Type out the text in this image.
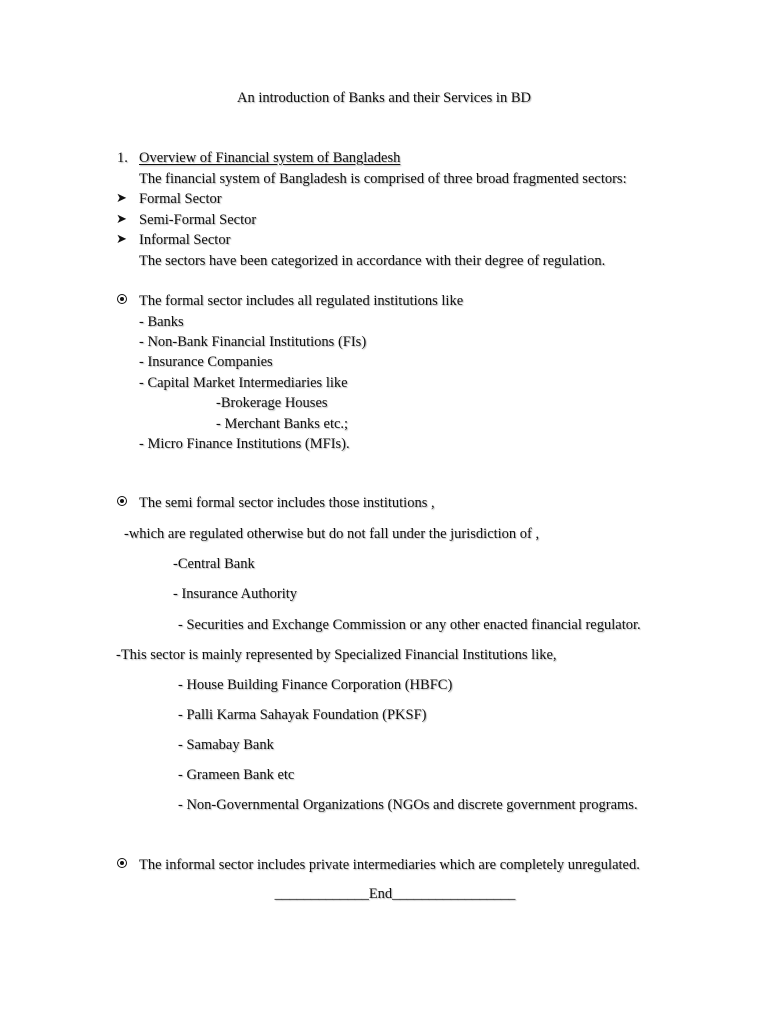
An introduction of Banks and their Services in BD
1. Overview of Financial system of Bangladesh
The financial system of Bangladesh is comprised of three broad fragmented sectors:
➤ Formal Sector
➤ Semi-Formal Sector
➤ Informal Sector
The sectors have been categorized in accordance with their degree of regulation.
The formal sector includes all regulated institutions like
- Banks
- Non-Bank Financial Institutions (FIs)
- Insurance Companies
- Capital Market Intermediaries like
-Brokerage Houses
- Merchant Banks etc.;
- Micro Finance Institutions (MFIs).
The semi formal sector includes those institutions ,
-which are regulated otherwise but do not fall under the jurisdiction of ,
-Central Bank
- Insurance Authority
- Securities and Exchange Commission or any other enacted financial regulator.
-This sector is mainly represented by Specialized Financial Institutions like,
- House Building Finance Corporation (HBFC)
- Palli Karma Sahayak Foundation (PKSF)
- Samabay Bank
- Grameen Bank etc
- Non-Governmental Organizations (NGOs and discrete government programs.
The informal sector includes private intermediaries which are completely unregulated.
_____________End_________________
